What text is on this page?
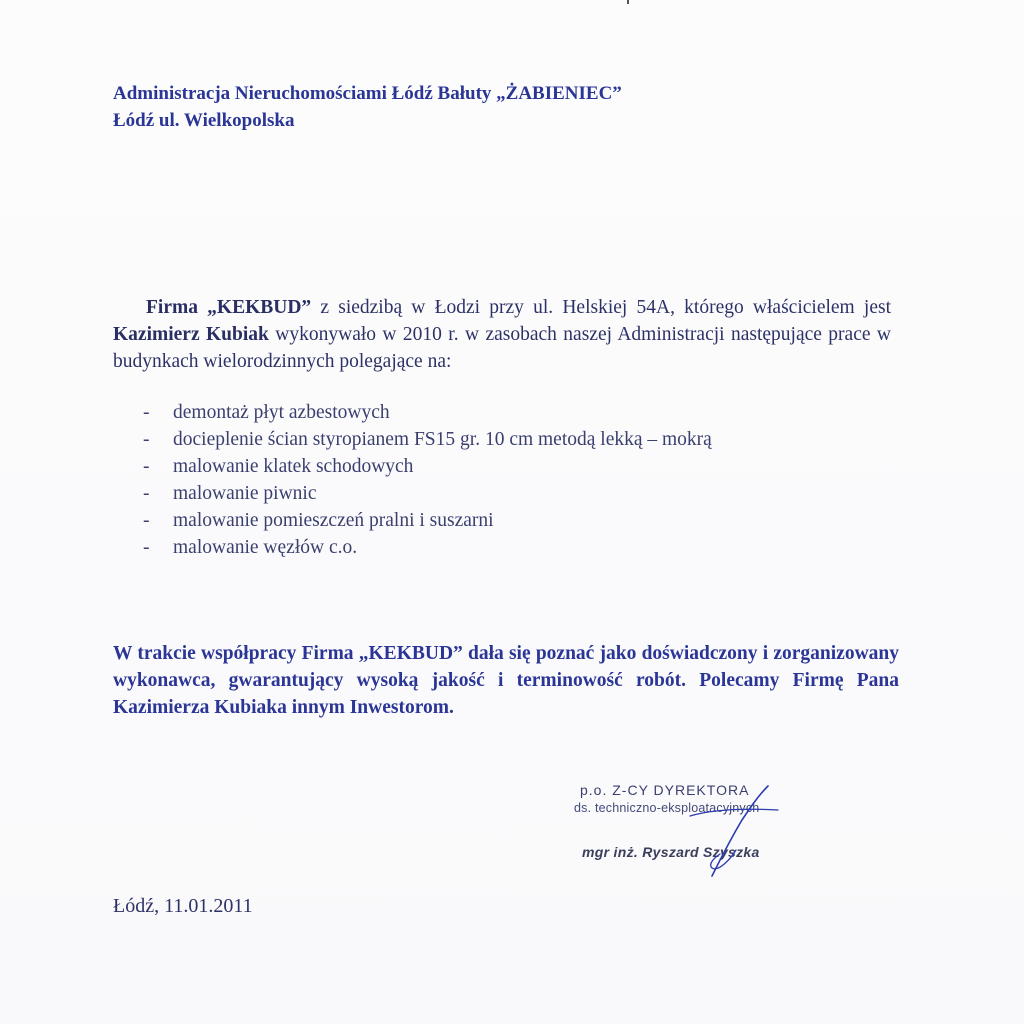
Administracja Nieruchomościami Łódź Bałuty „ŻABIENIEC”
Łódź ul. Wielkopolska
Firma „KEKBUD” z siedzibą w Łodzi przy ul. Helskiej 54A, którego właścicielem jest Kazimierz Kubiak wykonywało w 2010 r. w zasobach naszej Administracji następujące prace w budynkach wielorodzinnych polegające na:
- demontaż płyt azbestowych
- docieplenie ścian styropianem FS15 gr. 10 cm metodą lekką – mokrą
- malowanie klatek schodowych
- malowanie piwnic
- malowanie pomieszczeń pralni i suszarni
- malowanie węzłów c.o.
W trakcie współpracy Firma „KEKBUD” dała się poznać jako doświadczony i zorganizowany wykonawca, gwarantujący wysoką jakość i terminowość robót. Polecamy Firmę Pana Kazimierza Kubiaka innym Inwestorom.
p.o. Z-CY DYREKTORA
ds. techniczno-eksploatacyjnych
mgr inż. Ryszard Szyszka
Łódź, 11.01.2011
